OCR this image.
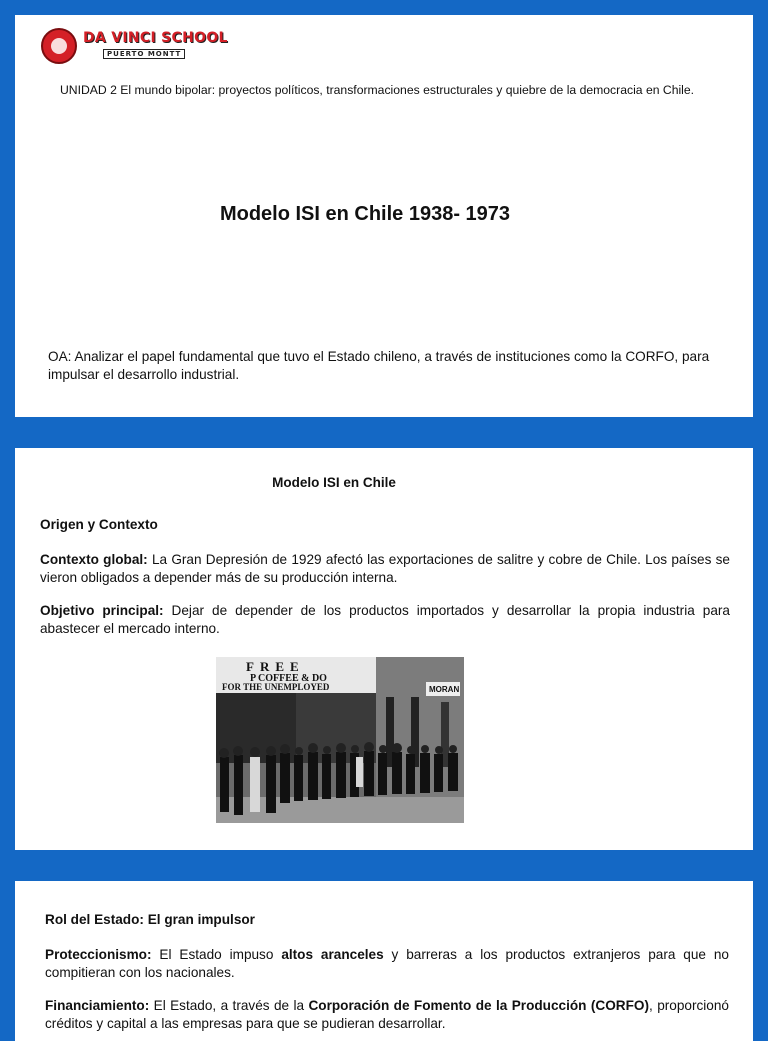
DA VINCI SCHOOL
PUERTO MONTT
UNIDAD 2 El mundo bipolar: proyectos políticos, transformaciones estructurales y quiebre de la democracia en Chile.
Modelo ISI en Chile 1938- 1973
OA: Analizar el papel fundamental que tuvo el Estado chileno, a través de instituciones como la CORFO, para impulsar el desarrollo industrial.
Modelo ISI en Chile
Origen y Contexto
Contexto global: La Gran Depresión de 1929 afectó las exportaciones de salitre y cobre de Chile. Los países se vieron obligados a depender más de su producción interna.
Objetivo principal: Dejar de depender de los productos importados y desarrollar la propia industria para abastecer el mercado interno.
FREE
P COFFEE & DO
FOR THE UNEMPLOYED	MORAN
Rol del Estado: El gran impulsor
Proteccionismo: El Estado impuso altos aranceles y barreras a los productos extranjeros para que no compitieran con los nacionales.
Financiamiento: El Estado, a través de la Corporación de Fomento de la Producción (CORFO), proporcionó créditos y capital a las empresas para que se pudieran desarrollar.
